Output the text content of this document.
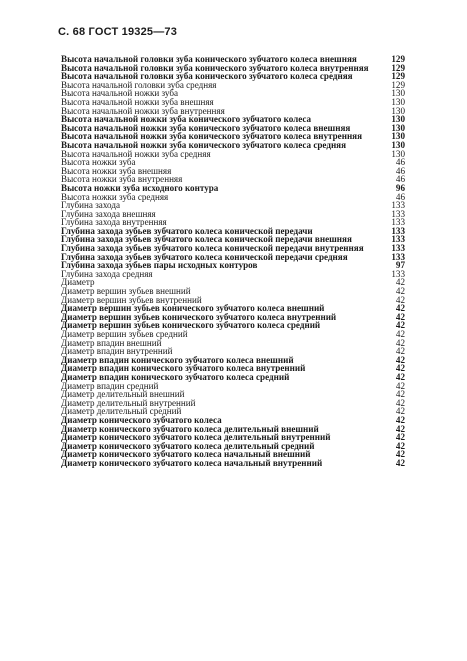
С. 68 ГОСТ 19325—73
Высота начальной головки зуба конического зубчатого колеса внешняя	129
Высота начальной головки зуба конического зубчатого колеса внутренняя	129
Высота начальной головки зуба конического зубчатого колеса средняя	129
Высота начальной головки зуба средняя	129
Высота начальной ножки зуба	130
Высота начальной ножки зуба внешняя	130
Высота начальной ножки зуба внутренняя	130
Высота начальной ножки зуба конического зубчатого колеса	130
Высота начальной ножки зуба конического зубчатого колеса внешняя	130
Высота начальной ножки зуба конического зубчатого колеса внутренняя	130
Высота начальной ножки зуба конического зубчатого колеса средняя	130
Высота начальной ножки зуба средняя	130
Высота ножки зуба	46
Высота ножки зуба внешняя	46
Высота ножки зуба внутренняя	46
Высота ножки зуба исходного контура	96
Высота ножки зуба средняя	46
Глубина захода	133
Глубина захода внешняя	133
Глубина захода внутренняя	133
Глубина захода зубьев зубчатого колеса конической передачи	133
Глубина захода зубьев зубчатого колеса конической передачи внешняя	133
Глубина захода зубьев зубчатого колеса конической передачи внутренняя	133
Глубина захода зубьев зубчатого колеса конической передачи средняя	133
Глубина захода зубьев пары исходных контуров	97
Глубина захода средняя	133
Диаметр	42
Диаметр вершин зубьев внешний	42
Диаметр вершин зубьев внутренний	42
Диаметр вершин зубьев конического зубчатого колеса внешний	42
Диаметр вершин зубьев конического зубчатого колеса внутренний	42
Диаметр вершин зубьев конического зубчатого колеса средний	42
Диаметр вершин зубьев средний	42
Диаметр впадин внешний	42
Диаметр впадин внутренний	42
Диаметр впадин конического зубчатого колеса внешний	42
Диаметр впадин конического зубчатого колеса внутренний	42
Диаметр впадин конического зубчатого колеса средний	42
Диаметр впадин средний	42
Диаметр делительный внешний	42
Диаметр делительный внутренний	42
Диаметр делительный средний	42
Диаметр конического зубчатого колеса	42
Диаметр конического зубчатого колеса делительный внешний	42
Диаметр конического зубчатого колеса делительный внутренний	42
Диаметр конического зубчатого колеса делительный средний	42
Диаметр конического зубчатого колеса начальный внешний	42
Диаметр конического зубчатого колеса начальный внутренний	42
